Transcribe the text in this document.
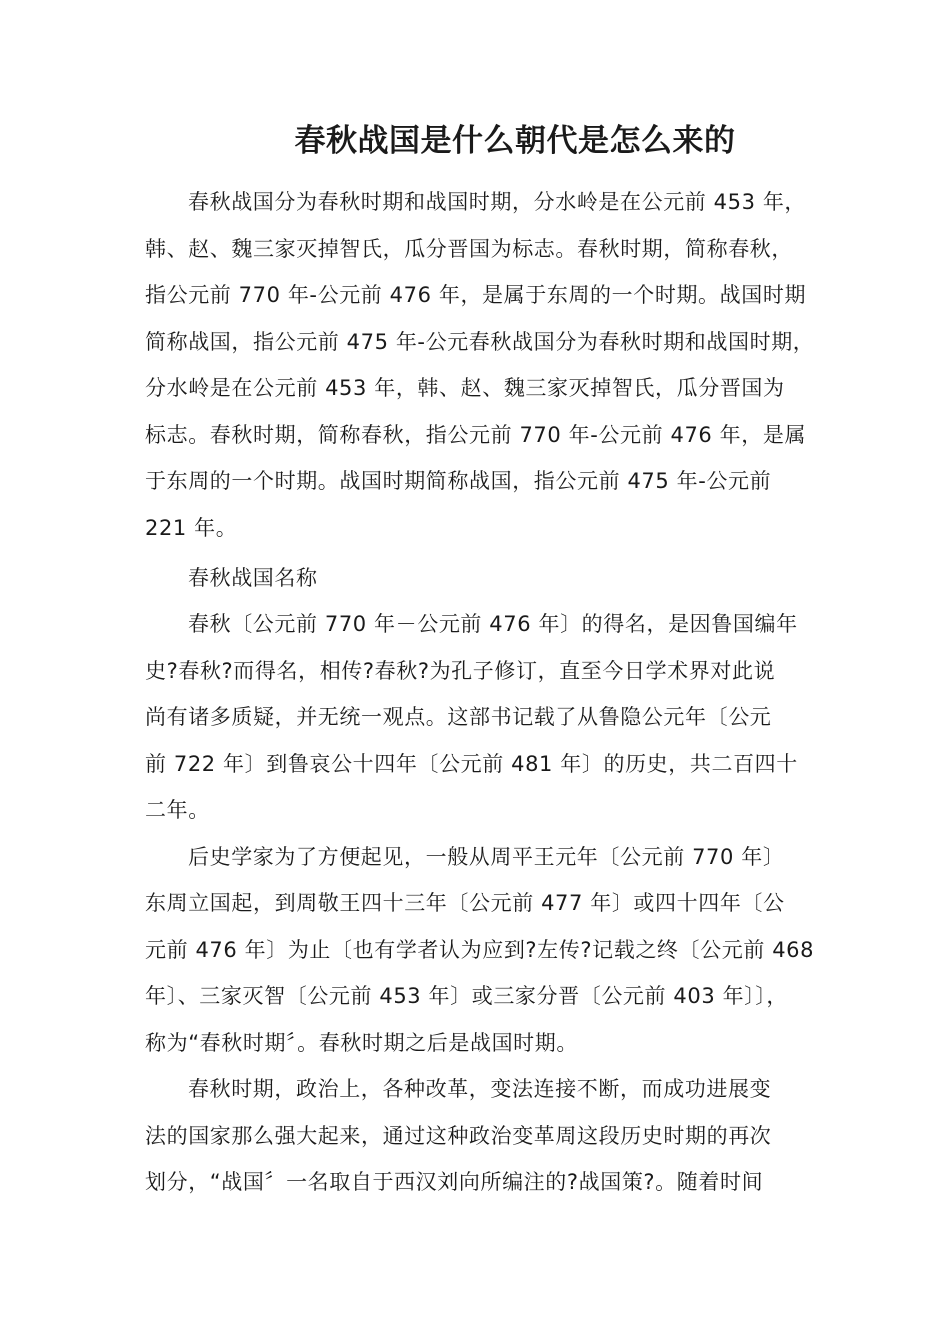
春秋战国是什么朝代是怎么来的

春秋战国分为春秋时期和战国时期，分水岭是在公元前 453 年，

韩、赵、魏三家灭掉智氏，瓜分晋国为标志。春秋时期，简称春秋，

指公元前 770 年-公元前 476 年，是属于东周的一个时期。战国时期

简称战国，指公元前 475 年-公元春秋战国分为春秋时期和战国时期，

分水岭是在公元前 453 年，韩、赵、魏三家灭掉智氏，瓜分晋国为

标志。春秋时期，简称春秋，指公元前 770 年-公元前 476 年，是属

于东周的一个时期。战国时期简称战国，指公元前 475 年-公元前

221 年。

春秋战国名称

春秋〔公元前 770 年－公元前 476 年〕的得名，是因鲁国编年

史?春秋?而得名，相传?春秋?为孔子修订，直至今日学术界对此说

尚有诸多质疑，并无统一观点。这部书记载了从鲁隐公元年〔公元

前 722 年〕到鲁哀公十四年〔公元前 481 年〕的历史，共二百四十

二年。

后史学家为了方便起见，一般从周平王元年〔公元前 770 年〕

东周立国起，到周敬王四十三年〔公元前 477 年〕或四十四年〔公

元前 476 年〕为止〔也有学者认为应到?左传?记载之终〔公元前 468

年〕、三家灭智〔公元前 453 年〕或三家分晋〔公元前 403 年〕〕，

称为“春秋时期〞。春秋时期之后是战国时期。

春秋时期，政治上，各种改革，变法连接不断，而成功进展变

法的国家那么强大起来，通过这种政治变革周这段历史时期的再次

划分，“战国〞一名取自于西汉刘向所编注的?战国策?。随着时间
